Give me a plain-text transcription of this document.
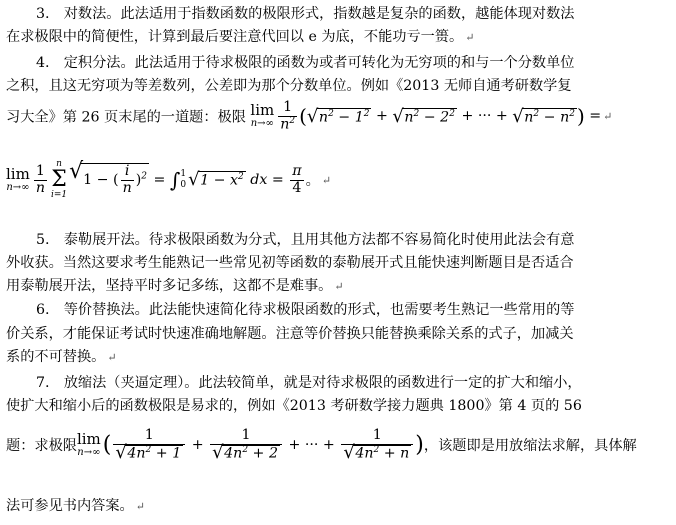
3.　对数法。此法适用于指数函数的极限形式，指数越是复杂的函数，越能体现对数法
在求极限中的简便性，计算到最后要注意代回以 e 为底，不能功亏一篑。 ↵
4.　定积分法。此法适用于待求极限的函数为或者可转化为无穷项的和与一个分数单位
之积，且这无穷项为等差数列，公差即为那个分数单位。例如《2013 无师自通考研数学复
习大全》第 26 页末尾的一道题：极限 lim
$n\to\infty \frac{1}{n^2}$ ( √ $n^2 - 1^2$ + √ $n^2 - 2^2$ + ··· + √ $n^2 - n^2$ ) = ↵
lim
$n\to\infty \frac{1}{n}$	n
Σ
i=1
√ 1 − ( $\frac{i}{n} )^2$ = ∫ 1
0 √ $1 - x^2$ dx = $\frac{\pi}{4}$ 。 ↵
5.　泰勒展开法。待求极限函数为分式，且用其他方法都不容易简化时使用此法会有意
外收获。当然这要求考生能熟记一些常见初等函数的泰勒展开式且能快速判断题目是否适合
用泰勒展开法，坚持平时多记多练，这都不是难事。 ↵
6.　等价替换法。此法能快速简化待求极限函数的形式，也需要考生熟记一些常用的等
价关系，才能保证考试时快速准确地解题。注意等价替换只能替换乘除关系的式子，加减关
系的不可替换。 ↵
7.　放缩法（夹逼定理）。此法较简单，就是对待求极限的函数进行一定的扩大和缩小，
使扩大和缩小后的函数极限是易求的，例如《2013 考研数学接力题典 1800》第 4 页的 56
题：求极限 lim
n→∞ ( $\frac{1}{√ 4n^2 + 1} + \frac{1}{√ 4n^2 + 2}$ + ··· + $\frac{1}{√ 4n^2 + n}$ )，该题即是用放缩法求解，具体解
法可参见书内答案。 ↵
